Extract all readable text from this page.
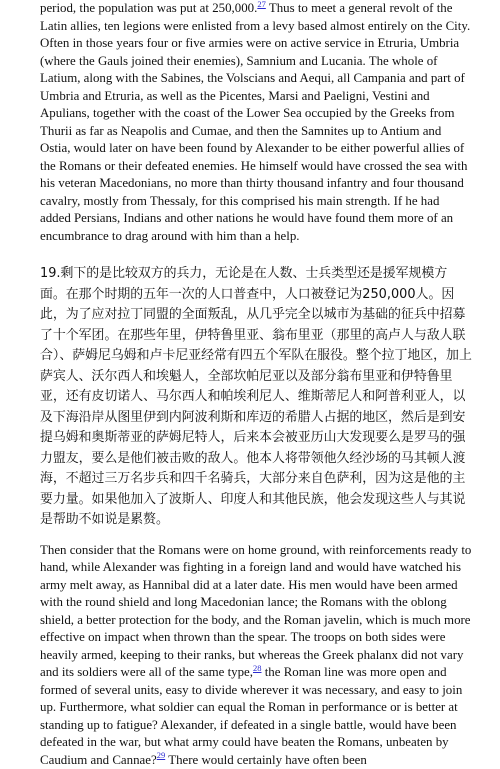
period, the population was put at 250,000.27 Thus to meet a general revolt of the Latin allies, ten legions were enlisted from a levy based almost entirely on the City. Often in those years four or five armies were on active service in Etruria, Umbria (where the Gauls joined their enemies), Samnium and Lucania. The whole of Latium, along with the Sabines, the Volscians and Aequi, all Campania and part of Umbria and Etruria, as well as the Picentes, Marsi and Paeligni, Vestini and Apulians, together with the coast of the Lower Sea occupied by the Greeks from Thurii as far as Neapolis and Cumae, and then the Samnites up to Antium and Ostia, would later on have been found by Alexander to be either powerful allies of the Romans or their defeated enemies. He himself would have crossed the sea with his veteran Macedonians, no more than thirty thousand infantry and four thousand cavalry, mostly from Thessaly, for this comprised his main strength. If he had added Persians, Indians and other nations he would have found them more of an encumbrance to drag around with him than a help.

19.剩下的是比较双方的兵力，无论是在人数、士兵类型还是援军规模方面。在那个时期的五年一次的人口普查中，人口被登记为250,000人。因此，为了应对拉丁同盟的全面叛乱，从几乎完全以城市为基础的征兵中招募了十个军团。在那些年里，伊特鲁里亚、翁布里亚（那里的高卢人与敌人联合）、萨姆尼乌姆和卢卡尼亚经常有四五个军队在服役。整个拉丁地区，加上萨宾人、沃尔西人和埃魁人，全部坎帕尼亚以及部分翁布里亚和伊特鲁里亚，还有皮切诺人、马尔西人和帕埃利尼人、维斯蒂尼人和阿普利亚人，以及下海沿岸从图里伊到内阿波利斯和库迈的希腊人占据的地区，然后是到安提乌姆和奥斯蒂亚的萨姆尼特人，后来本会被亚历山大发现要么是罗马的强力盟友，要么是他们被击败的敌人。他本人将带领他久经沙场的马其顿人渡海，不超过三万名步兵和四千名骑兵，大部分来自色萨利，因为这是他的主要力量。如果他加入了波斯人、印度人和其他民族，他会发现这些人与其说是帮助不如说是累赘。

Then consider that the Romans were on home ground, with reinforcements ready to hand, while Alexander was fighting in a foreign land and would have watched his army melt away, as Hannibal did at a later date. His men would have been armed with the round shield and long Macedonian lance; the Romans with the oblong shield, a better protection for the body, and the Roman javelin, which is much more effective on impact when thrown than the spear. The troops on both sides were heavily armed, keeping to their ranks, but whereas the Greek phalanx did not vary and its soldiers were all of the same type,$^{28}$ the Roman line was more open and formed of several units, easy to divide wherever it was necessary, and easy to join up. Furthermore, what soldier can equal the Roman in performance or is better at standing up to fatigue? Alexander, if defeated in a single battle, would have been defeated in the war, but what army could have beaten the Romans, unbeaten by Caudium and Cannae?$^{29}$ There would certainly have often been
